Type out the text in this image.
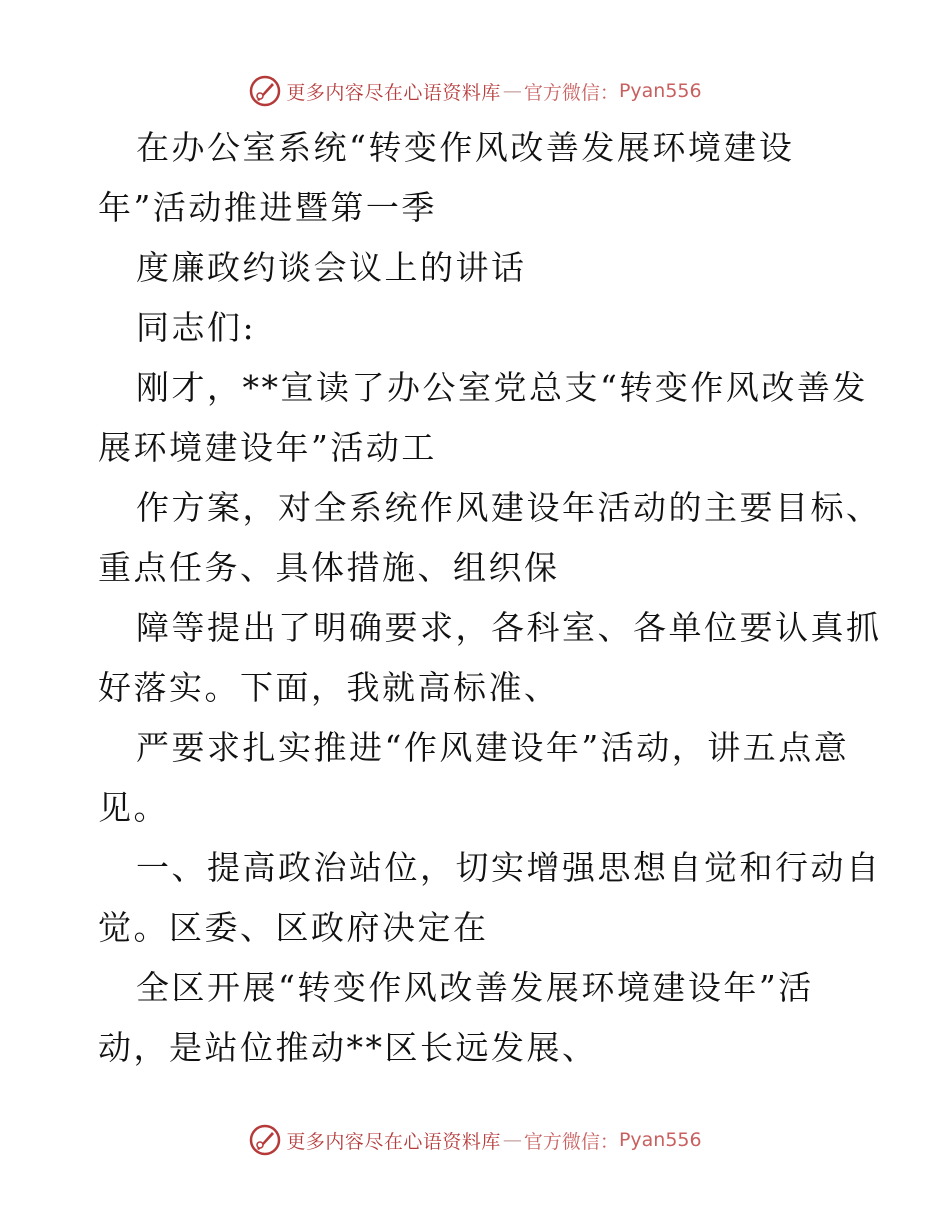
更多内容尽在心语资料库 — 官方微信： Pyan556
在办公室系统“转变作风改善发展环境建设
年”活动推进暨第一季
度廉政约谈会议上的讲话
同志们:
刚才，**宣读了办公室党总支“转变作风改善发
展环境建设年”活动工
作方案，对全系统作风建设年活动的主要目标、
重点任务、具体措施、组织保
障等提出了明确要求，各科室、各单位要认真抓
好落实。下面，我就高标准、
严要求扎实推进“作风建设年”活动，讲五点意
见。
一、提高政治站位，切实增强思想自觉和行动自
觉。区委、区政府决定在
全区开展“转变作风改善发展环境建设年”活
动，是站位推动**区长远发展、
更多内容尽在心语资料库 — 官方微信： Pyan556
